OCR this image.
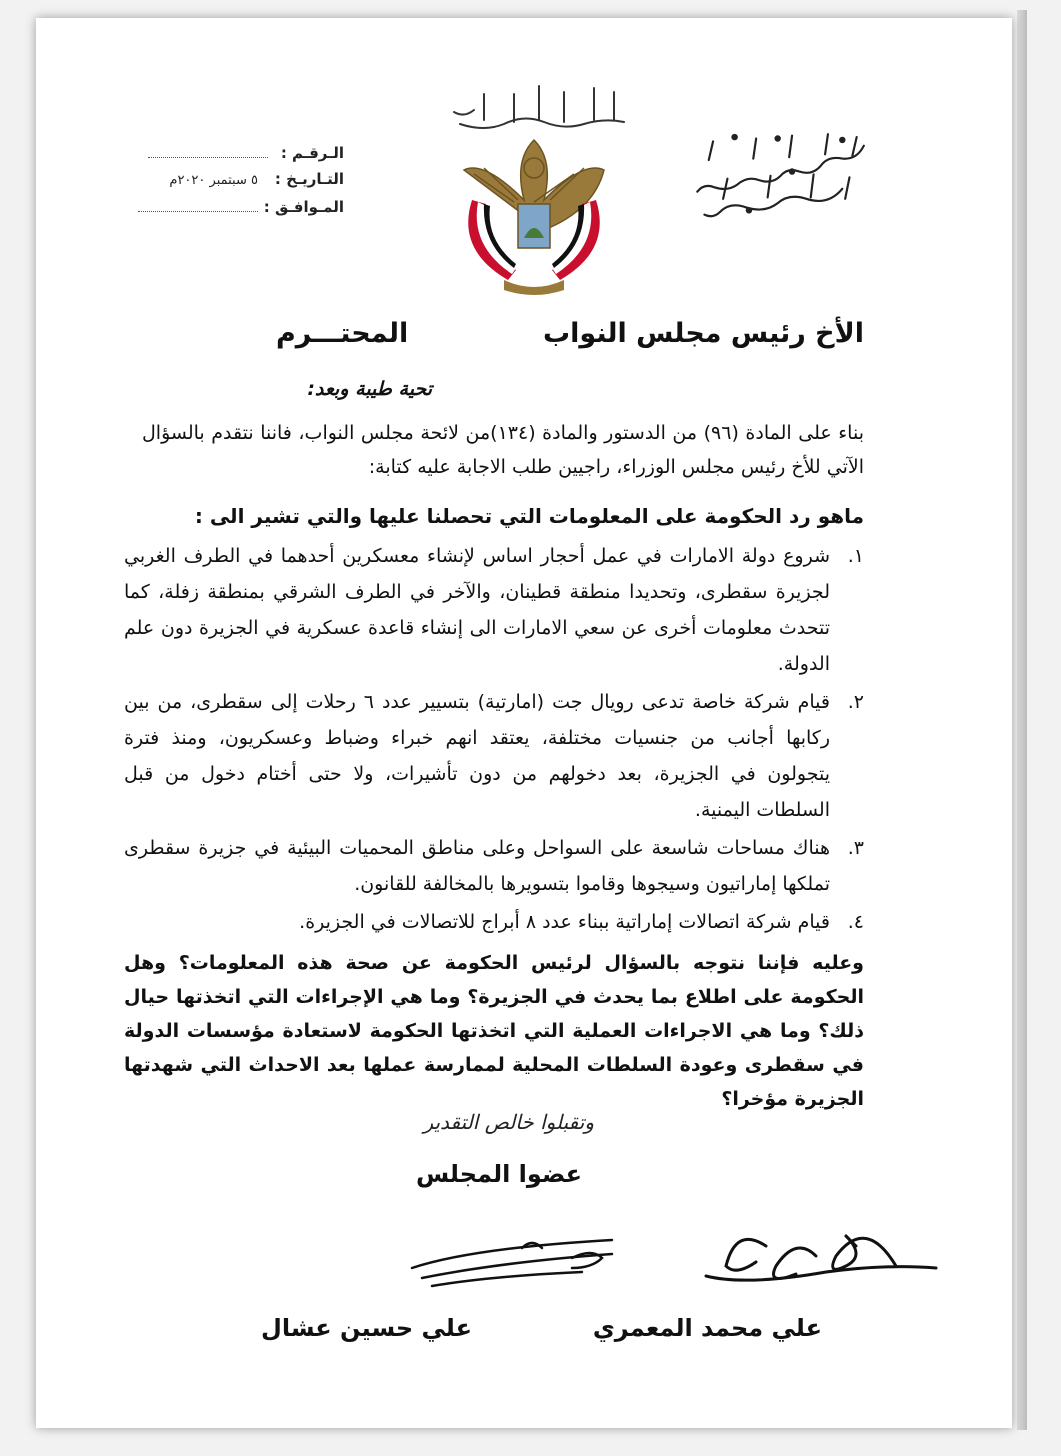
الـرقـم :
التـاريـخ :
٥ سبتمبر ٢٠٢٠م
المـوافـق :
الأخ رئيس مجلس النواب
المحتـــرم
تحية طيبة وبعد:
بناء على المادة (٩٦) من الدستور والمادة (١٣٤)من لائحة مجلس النواب، فاننا نتقدم بالسؤال الآتي للأخ رئيس مجلس الوزراء، راجيين طلب الاجابة عليه كتابة:
ماهو رد الحكومة على المعلومات التي تحصلنا عليها والتي تشير الى :
١.
شروع دولة الامارات في عمل أحجار اساس لإنشاء معسكرين أحدهما في الطرف الغربي لجزيرة سقطرى، وتحديدا منطقة قطينان، والآخر في الطرف الشرقي بمنطقة زفلة، كما تتحدث معلومات أخرى عن سعي الامارات الى إنشاء قاعدة عسكرية في الجزيرة دون علم الدولة.
٢.
قيام شركة خاصة تدعى رويال جت (امارتية) بتسيير عدد ٦ رحلات إلى سقطرى، من بين ركابها أجانب من جنسيات مختلفة، يعتقد انهم خبراء وضباط وعسكريون، ومنذ فترة يتجولون في الجزيرة، بعد دخولهم من دون تأشيرات، ولا حتى أختام دخول من قبل السلطات اليمنية.
٣.
هناك مساحات شاسعة على السواحل وعلى مناطق المحميات البيئية في جزيرة سقطرى تملكها إماراتيون وسيجوها وقاموا بتسويرها بالمخالفة للقانون.
٤.
قيام شركة اتصالات إماراتية ببناء عدد ٨ أبراج للاتصالات في الجزيرة.
وعليه فإننا نتوجه بالسؤال لرئيس الحكومة عن صحة هذه المعلومات؟ وهل الحكومة على اطلاع بما يحدث في الجزيرة؟ وما هي الإجراءات التي اتخذتها حيال ذلك؟ وما هي الاجراءات العملية التي اتخذتها الحكومة لاستعادة مؤسسات الدولة في سقطرى وعودة السلطات المحلية لممارسة عملها بعد الاحداث التي شهدتها الجزيرة مؤخرا؟
وتقبلوا خالص التقدير
عضوا المجلس
علي محمد المعمري
علي حسين عشال
